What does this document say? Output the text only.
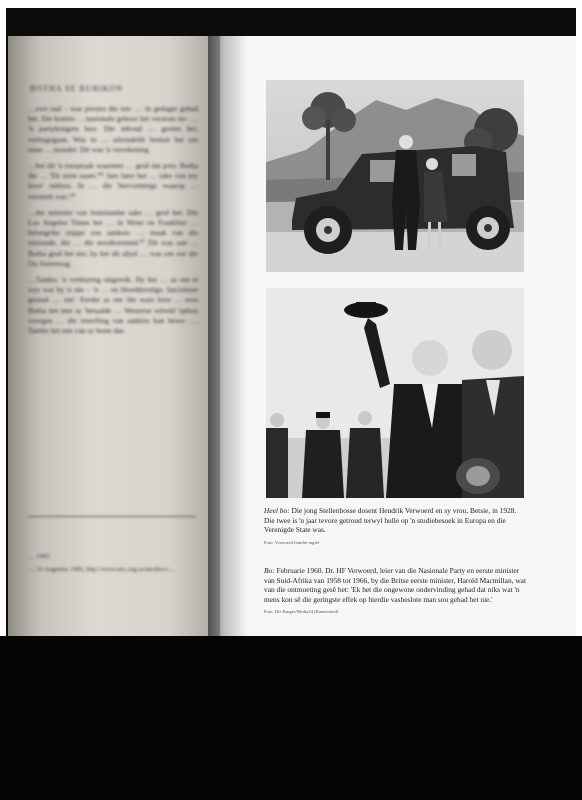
BOTHA SE RUBIKON

…ewe taal – was presies die ten- … in gedagte gehad het. Die kontin- …nasionale gehoor het verstom ter- … 'n partykongres hou. Die inhoud … gesien het, verbygegaan. Was in … uiteindelik besluit het om staat- …moeder. Dit was 'n verrekening

…het dit 'n toespraak waarmee … gesê dat pres. Botha die … 'Ek stem saam.'⁹⁵ Jare later het … take van my lewe' onthou. In … die 'hervormings waarop … versteek was'.⁹⁶

…die minister van buitelandse sake … gesê het. Die Los Angeles Times het … in Wene en Frankfurt … belangrike stappe sou aankon- … maak van die tuislande, die … die noodtoestand.⁹⁷ Dit was aan … Botha gesê het nie; hy het dit altyd … was om oor die Ou Sterrewag

…Tambo, 'n verklaring uitgereik. Hy het … as om te wys wat hy is nie – 'n … en bloeddorstige, fascistiese gesind- … nie'. Eerder as om 'die ware leier … wou Botha net met sy 'betaalde … Westerse wêreld 'ophou voorgee … die instelling van sankies kan bewe- … Tambo het een van sy beste dae

… 1985.

… 16 Augustus 1985, http://www.anc.org.za/ancdocs/…

Heel bo: Die jong Stellenbosse dosent Hendrik Verwoerd en sy vrou, Betsie, in 1928. Die twee is 'n jaar tevore getroud terwyl hulle op 'n studiebesoek in Europa en die Verenigde State was.
Foto: Verwoerd-familie-argief
Bo: Februarie 1960. Dr. HF Verwoerd, leier van die Nasionale Party en eerste minister van Suid-Afrika van 1958 tot 1966, by die Britse eerste minister, Harold Macmillan, wat van die ontmoeting gesê het: 'Ek het die ongewone ondervinding gehad dat niks wat 'n mens kon sê die geringste effek op hierdie vasbeslote man sou gehad het nie.'
Foto: Die Burger/Media24 (Kamerstoel)
